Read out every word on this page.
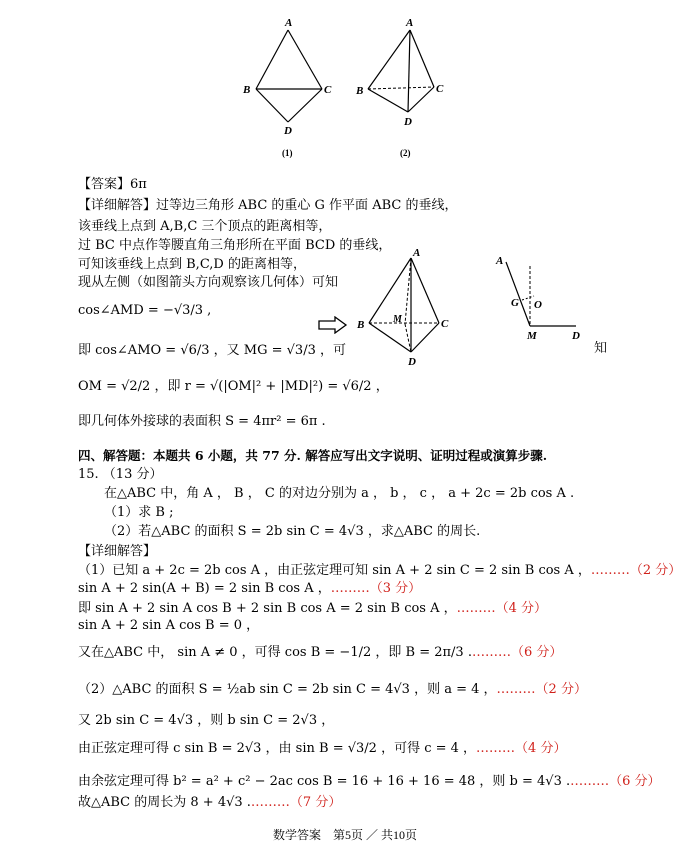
A
B	C
D
(1)
A
B	C
D
(2)
【答案】6π
【详细解答】过等边三角形 ABC 的重心 G 作平面 ABC 的垂线，
该垂线上点到 A,B,C 三个顶点的距离相等，
过 BC 中点作等腰直角三角形所在平面 BCD 的垂线，
可知该垂线上点到 B,C,D 的距离相等，
现从左侧（如图箭头方向观察该几何体）可知
cos∠AMD = −√3/3 ,
即 cos∠AMO = √6/3 ，又 MG = √3/3 ，可
OM = √2/2 ，即 r = √(|OM|² + |MD|²) = √6/2 ，
即几何体外接球的表面积 S = 4πr² = 6π .
A
B	M	C
D
A
G O
M	D
知
四、解答题：本题共 6 小题，共 77 分. 解答应写出文字说明、证明过程或演算步骤.
15. （13 分）
在△ABC 中，角 A ， B ， C 的对边分别为 a ， b ， c ， a + 2c = 2b cos A .
（1）求 B ;
（2）若△ABC 的面积 S = 2b sin C = 4√3 ，求△ABC 的周长.
【详细解答】
（1）已知 a + 2c = 2b cos A ，由正弦定理可知 sin A + 2 sin C = 2 sin B cos A ，………（2 分）
sin A + 2 sin(A + B) = 2 sin B cos A ，………（3 分）
即 sin A + 2 sin A cos B + 2 sin B cos A = 2 sin B cos A ，………（4 分）
sin A + 2 sin A cos B = 0 ，
又在△ABC 中， sin A ≠ 0 ，可得 cos B = −1/2 ，即 B = 2π/3 .………（6 分）
（2）△ABC 的面积 S = ½ab sin C = 2b sin C = 4√3 ，则 a = 4 ，………（2 分）
又 2b sin C = 4√3 ，则 b sin C = 2√3 ，
由正弦定理可得 c sin B = 2√3 ，由 sin B = √3/2 ，可得 c = 4 ，………（4 分）
由余弦定理可得 b² = a² + c² − 2ac cos B = 16 + 16 + 16 = 48 ，则 b = 4√3 .………（6 分）
故△ABC 的周长为 8 + 4√3 .………（7 分）
数学答案　第5页 ／ 共10页
